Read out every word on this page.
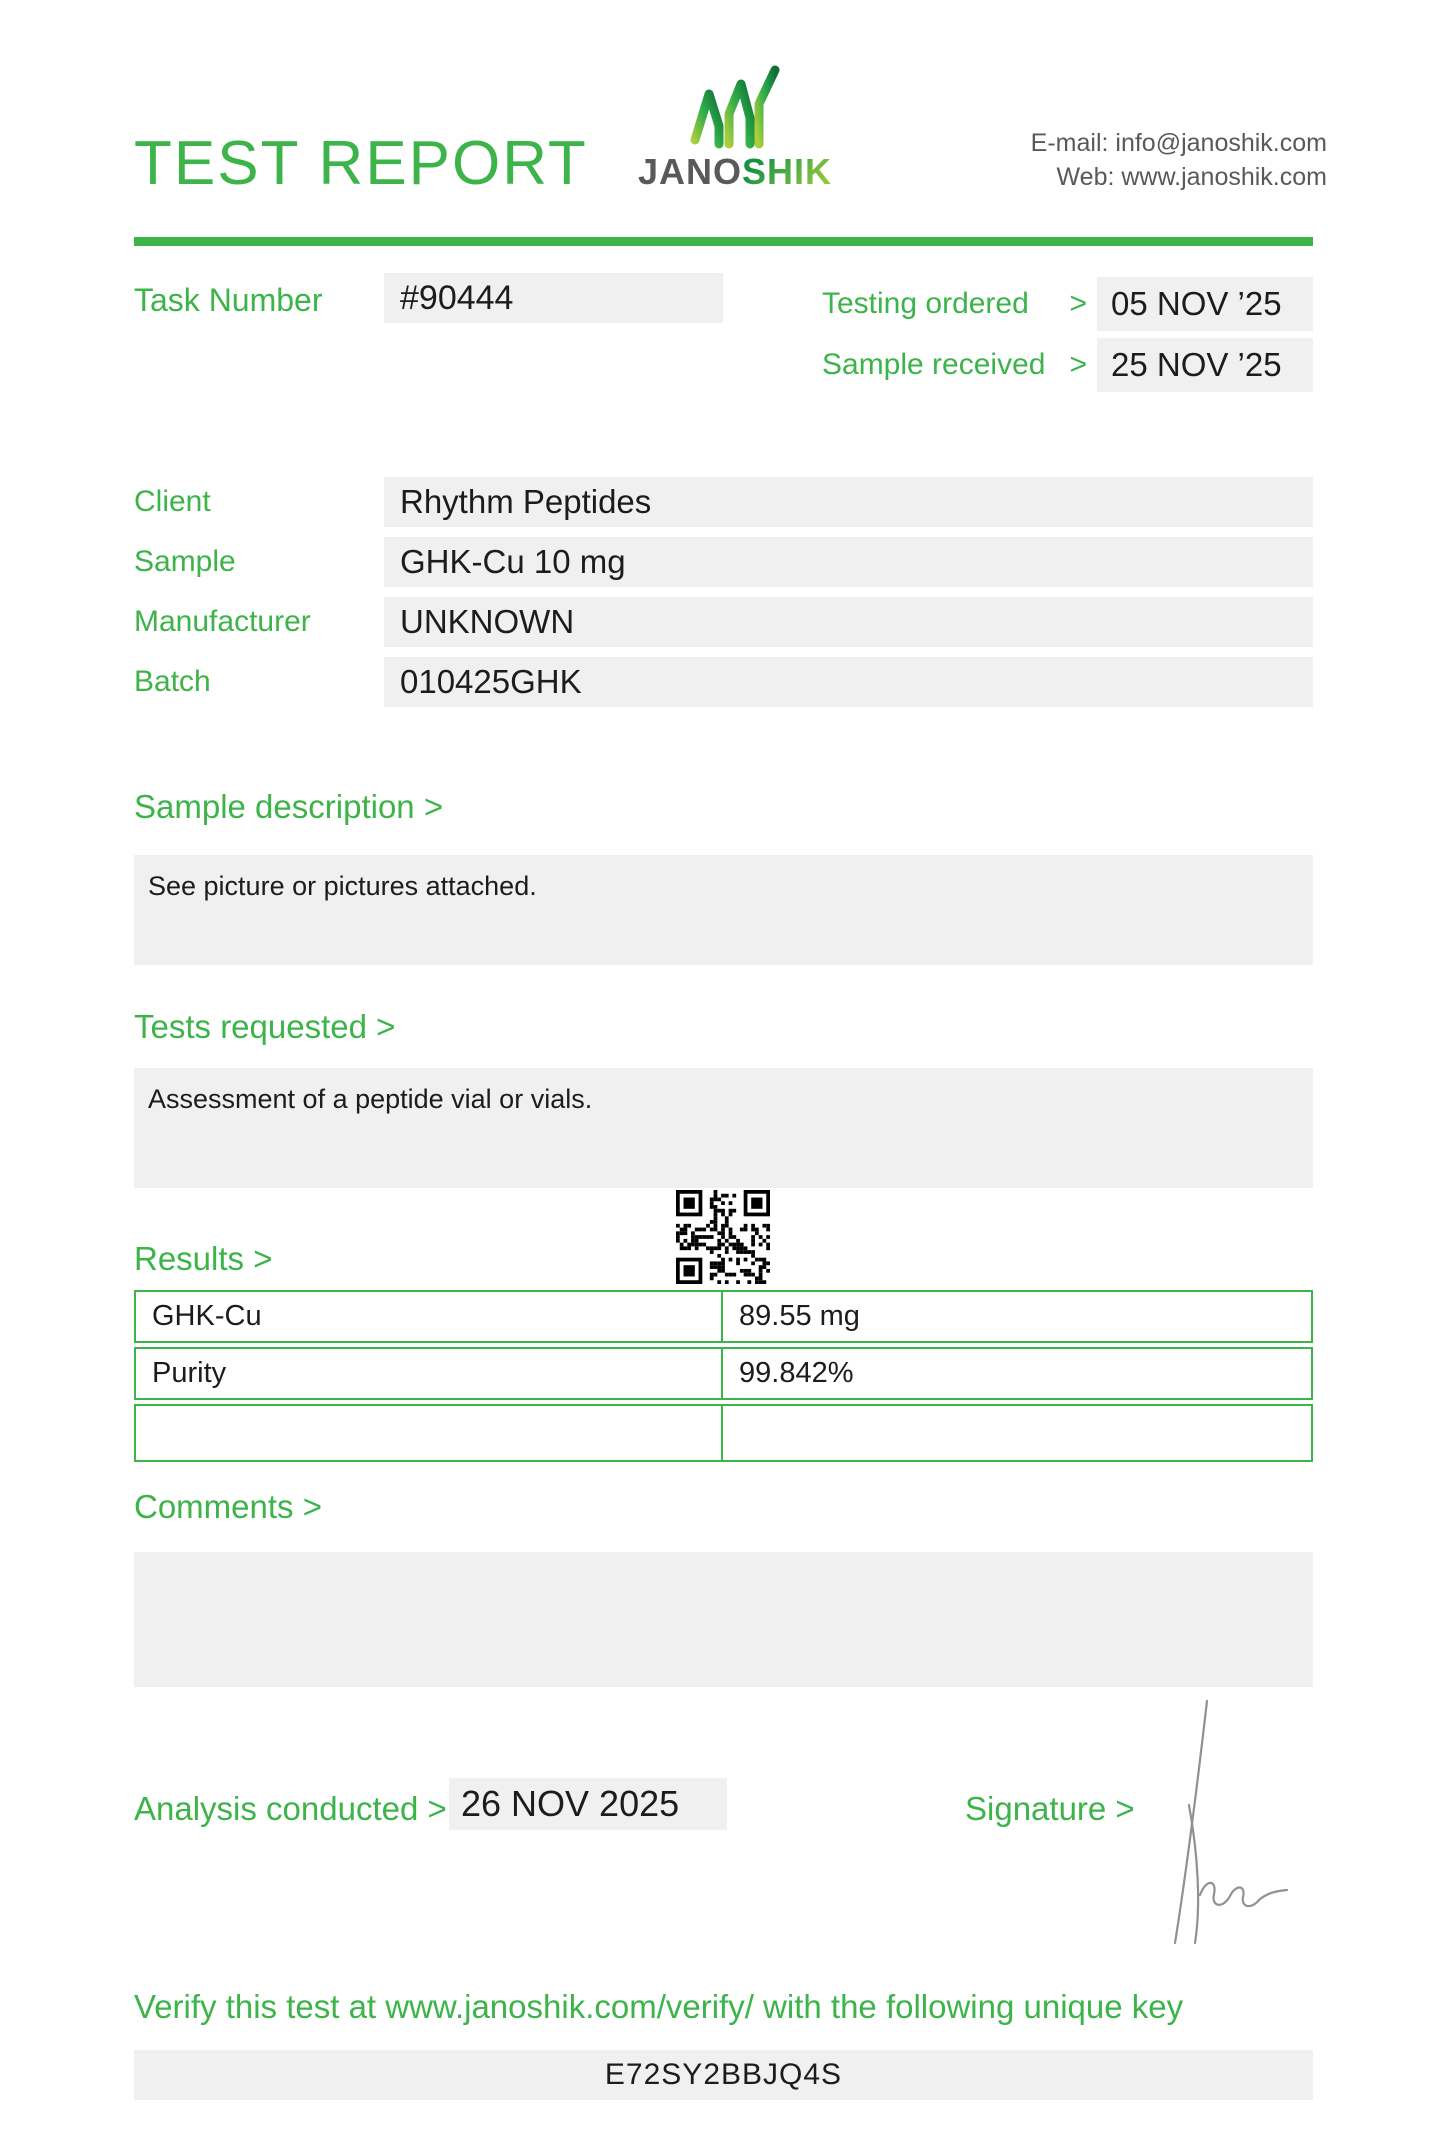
TEST REPORT	JANOSHIK
E-mail: info@janoshik.com
Web: www.janoshik.com
Task Number	#90444	Testing ordered > 05 NOV ’25
Sample received > 25 NOV ’25
Client	Rhythm Peptides
Sample	GHK-Cu 10 mg
Manufacturer	UNKNOWN
Batch	010425GHK
Sample description >
See picture or pictures attached.
Tests requested >
Assessment of a peptide vial or vials.
Results >
GHK-Cu	89.55 mg
Purity	99.842%
Comments >
Analysis conducted > 26 NOV 2025	Signature >
Verify this test at www.janoshik.com/verify/ with the following unique key
E72SY2BBJQ4S
